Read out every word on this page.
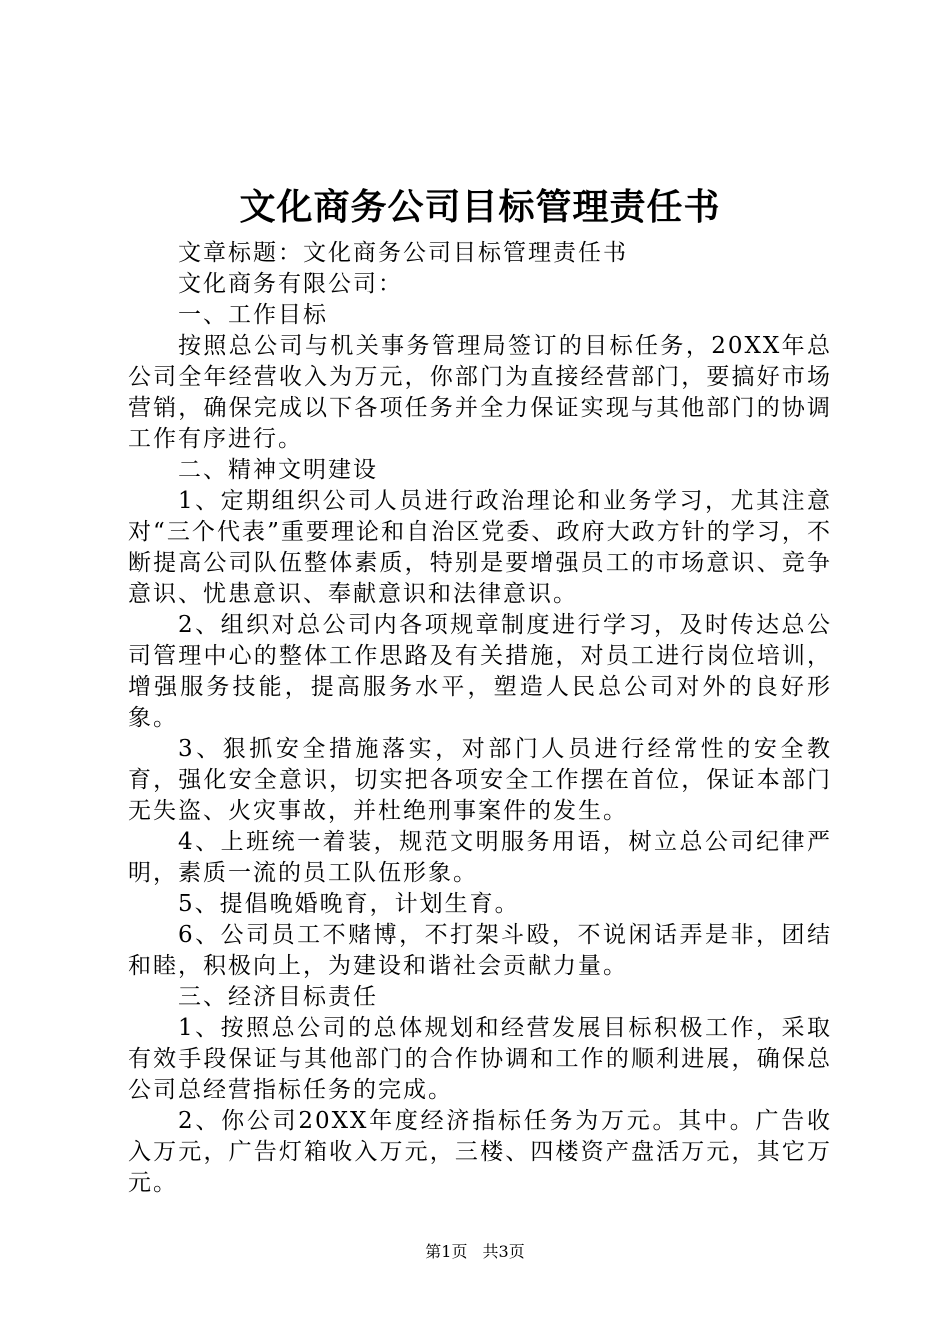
文化商务公司目标管理责任书

文章标题：文化商务公司目标管理责任书

文化商务有限公司：

一、工作目标

按照总公司与机关事务管理局签订的目标任务，20XX年总公司全年经营收入为万元，你部门为直接经营部门，要搞好市场营销，确保完成以下各项任务并全力保证实现与其他部门的协调工作有序进行。

二、精神文明建设

1、定期组织公司人员进行政治理论和业务学习，尤其注意对“三个代表”重要理论和自治区党委、政府大政方针的学习，不断提高公司队伍整体素质，特别是要增强员工的市场意识、竞争意识、忧患意识、奉献意识和法律意识。

2、组织对总公司内各项规章制度进行学习，及时传达总公司管理中心的整体工作思路及有关措施，对员工进行岗位培训，增强服务技能，提高服务水平，塑造人民总公司对外的良好形象。

3、狠抓安全措施落实，对部门人员进行经常性的安全教育，强化安全意识，切实把各项安全工作摆在首位，保证本部门无失盗、火灾事故，并杜绝刑事案件的发生。

4、上班统一着装，规范文明服务用语，树立总公司纪律严明，素质一流的员工队伍形象。

5、提倡晚婚晚育，计划生育。

6、公司员工不赌博，不打架斗殴，不说闲话弄是非，团结和睦，积极向上，为建设和谐社会贡献力量。

三、经济目标责任

1、按照总公司的总体规划和经营发展目标积极工作，采取有效手段保证与其他部门的合作协调和工作的顺利进展，确保总公司总经营指标任务的完成。

2、你公司20XX年度经济指标任务为万元。其中。广告收入万元，广告灯箱收入万元，三楼、四楼资产盘活万元，其它万元。

第1页 共3页
